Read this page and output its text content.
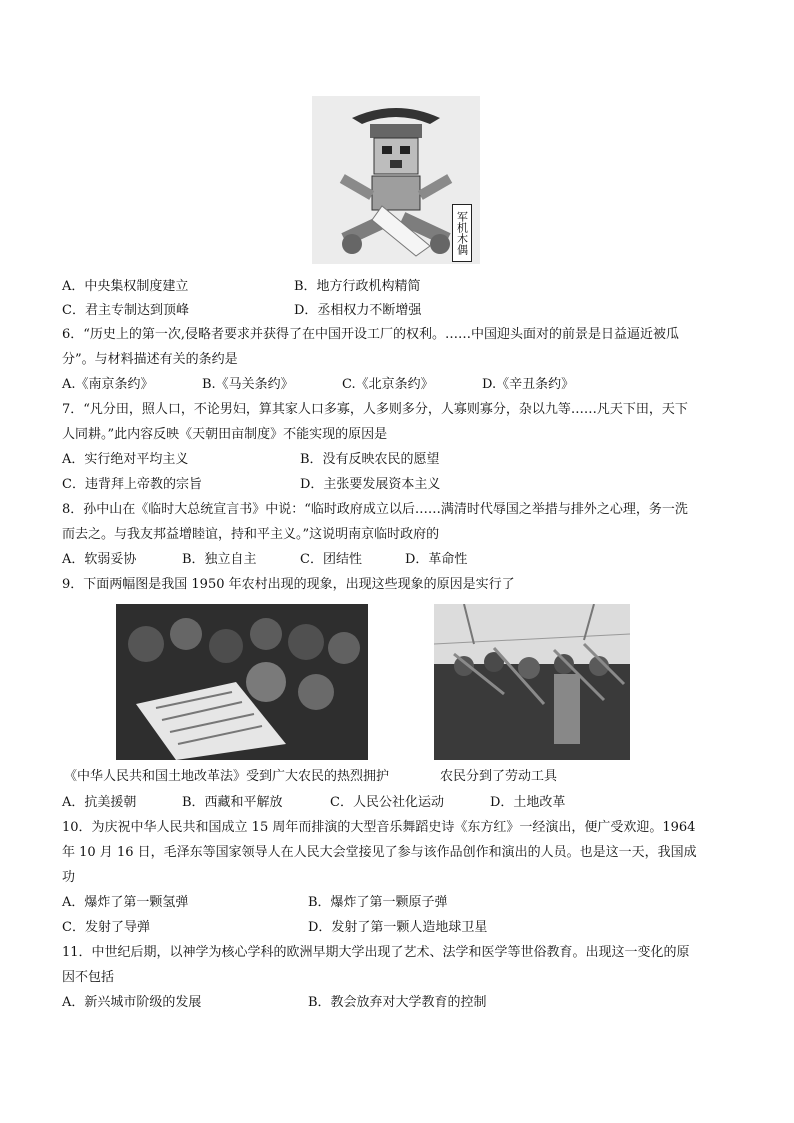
军机木偶
A．中央集权制度建立	B．地方行政机构精简
C．君主专制达到顶峰	D．丞相权力不断增强
6．“历史上的第一次,侵略者要求并获得了在中国开设工厂的权利。……中国迎头面对的前景是日益逼近被瓜
分”。与材料描述有关的条约是
A.《南京条约》	B.《马关条约》	C.《北京条约》	D.《辛丑条约》
7．“凡分田，照人口，不论男妇，算其家人口多寡，人多则多分，人寡则寡分，杂以九等……凡天下田，天下
人同耕。”此内容反映《天朝田亩制度》不能实现的原因是
A．实行绝对平均主义	B．没有反映农民的愿望
C．违背拜上帝教的宗旨	D．主张要发展资本主义
8．孙中山在《临时大总统宣言书》中说：“临时政府成立以后……满清时代辱国之举措与排外之心理，务一洗
而去之。与我友邦益增睦谊，持和平主义。”这说明南京临时政府的
A．软弱妥协	B．独立自主	C．团结性	D．革命性
9．下面两幅图是我国 1950 年农村出现的现象，出现这些现象的原因是实行了
《中华人民共和国土地改革法》受到广大农民的热烈拥护	农民分到了劳动工具
A．抗美援朝	B．西藏和平解放	C．人民公社化运动	D．土地改革
10．为庆祝中华人民共和国成立 15 周年而排演的大型音乐舞蹈史诗《东方红》一经演出，便广受欢迎。1964
年 10 月 16 日，毛泽东等国家领导人在人民大会堂接见了参与该作品创作和演出的人员。也是这一天，我国成
功
A．爆炸了第一颗氢弹	B．爆炸了第一颗原子弹
C．发射了导弹	D．发射了第一颗人造地球卫星
11．中世纪后期，以神学为核心学科的欧洲早期大学出现了艺术、法学和医学等世俗教育。出现这一变化的原
因不包括
A．新兴城市阶级的发展	B．教会放弃对大学教育的控制
